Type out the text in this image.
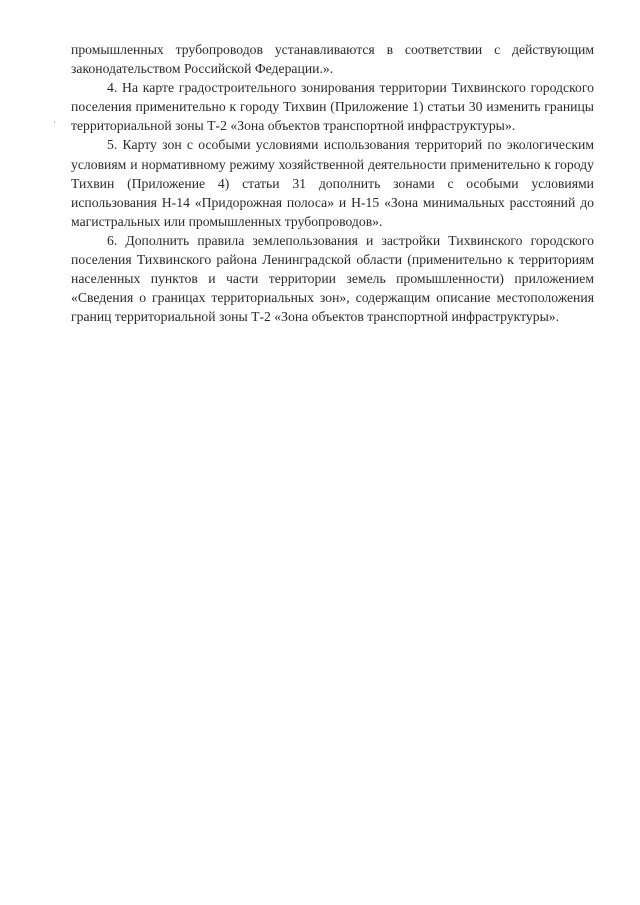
промышленных трубопроводов устанавливаются в соответствии с действующим законодательством Российской Федерации.».

4. На карте градостроительного зонирования территории Тихвинского городского поселения применительно к городу Тихвин (Приложение 1) статьи 30 изменить границы территориальной зоны Т-2 «Зона объектов транспортной инфраструктуры».

5. Карту зон с особыми условиями использования территорий по экологическим условиям и нормативному режиму хозяйственной деятельности применительно к городу Тихвин (Приложение 4) статьи 31 дополнить зонами с особыми условиями использования Н-14 «Придорожная полоса» и Н-15 «Зона минимальных расстояний до магистральных или промышленных трубопроводов».

6. Дополнить правила землепользования и застройки Тихвинского городского поселения Тихвинского района Ленинградской области (применительно к территориям населенных пунктов и части территории земель промышленности) приложением «Сведения о границах территориальных зон», содержащим описание местоположения границ территориальной зоны Т-2 «Зона объектов транспортной инфраструктуры».

·
